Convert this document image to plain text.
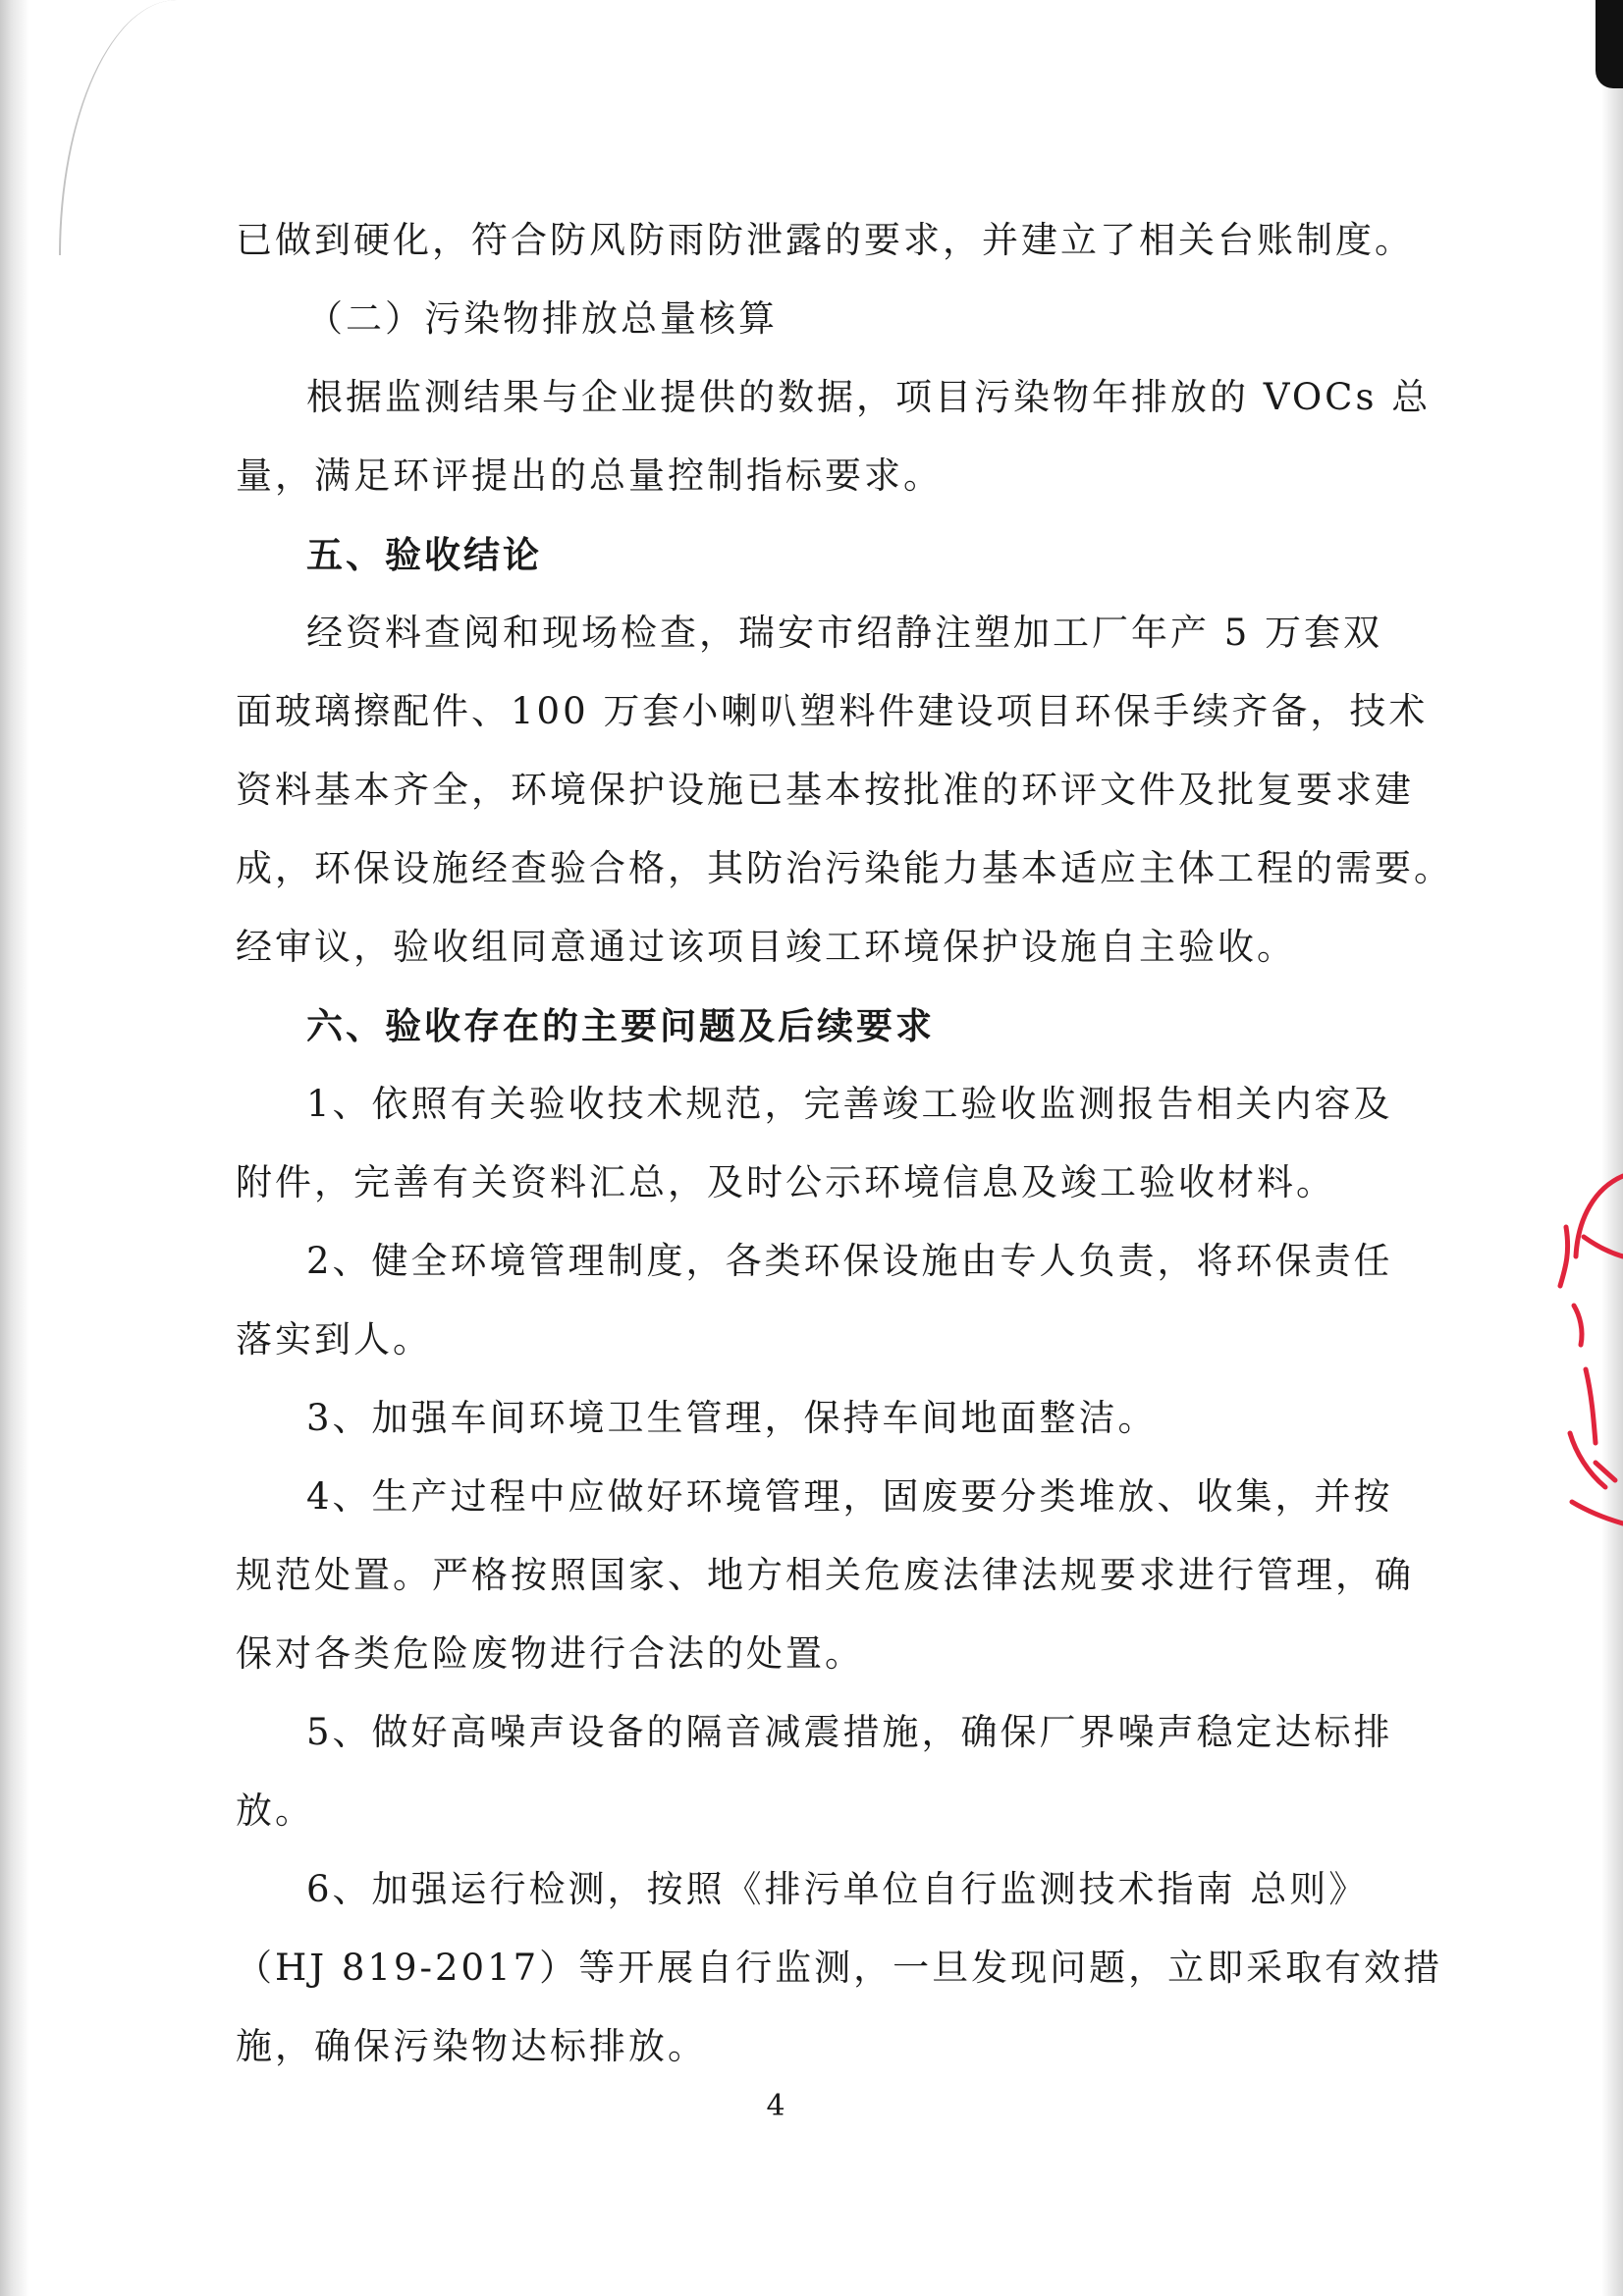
已做到硬化，符合防风防雨防泄露的要求，并建立了相关台账制度。
（二）污染物排放总量核算
根据监测结果与企业提供的数据，项目污染物年排放的 VOCs 总
量，满足环评提出的总量控制指标要求。
五、验收结论
经资料查阅和现场检查，瑞安市绍静注塑加工厂年产 5 万套双
面玻璃擦配件、100 万套小喇叭塑料件建设项目环保手续齐备，技术
资料基本齐全，环境保护设施已基本按批准的环评文件及批复要求建
成，环保设施经查验合格，其防治污染能力基本适应主体工程的需要。
经审议，验收组同意通过该项目竣工环境保护设施自主验收。
六、验收存在的主要问题及后续要求
1、依照有关验收技术规范，完善竣工验收监测报告相关内容及
附件，完善有关资料汇总，及时公示环境信息及竣工验收材料。
2、健全环境管理制度，各类环保设施由专人负责，将环保责任
落实到人。
3、加强车间环境卫生管理，保持车间地面整洁。
4、生产过程中应做好环境管理，固废要分类堆放、收集，并按
规范处置。严格按照国家、地方相关危废法律法规要求进行管理，确
保对各类危险废物进行合法的处置。
5、做好高噪声设备的隔音减震措施，确保厂界噪声稳定达标排
放。
6、加强运行检测，按照《排污单位自行监测技术指南 总则》
（HJ 819-2017）等开展自行监测，一旦发现问题，立即采取有效措
施，确保污染物达标排放。
4
